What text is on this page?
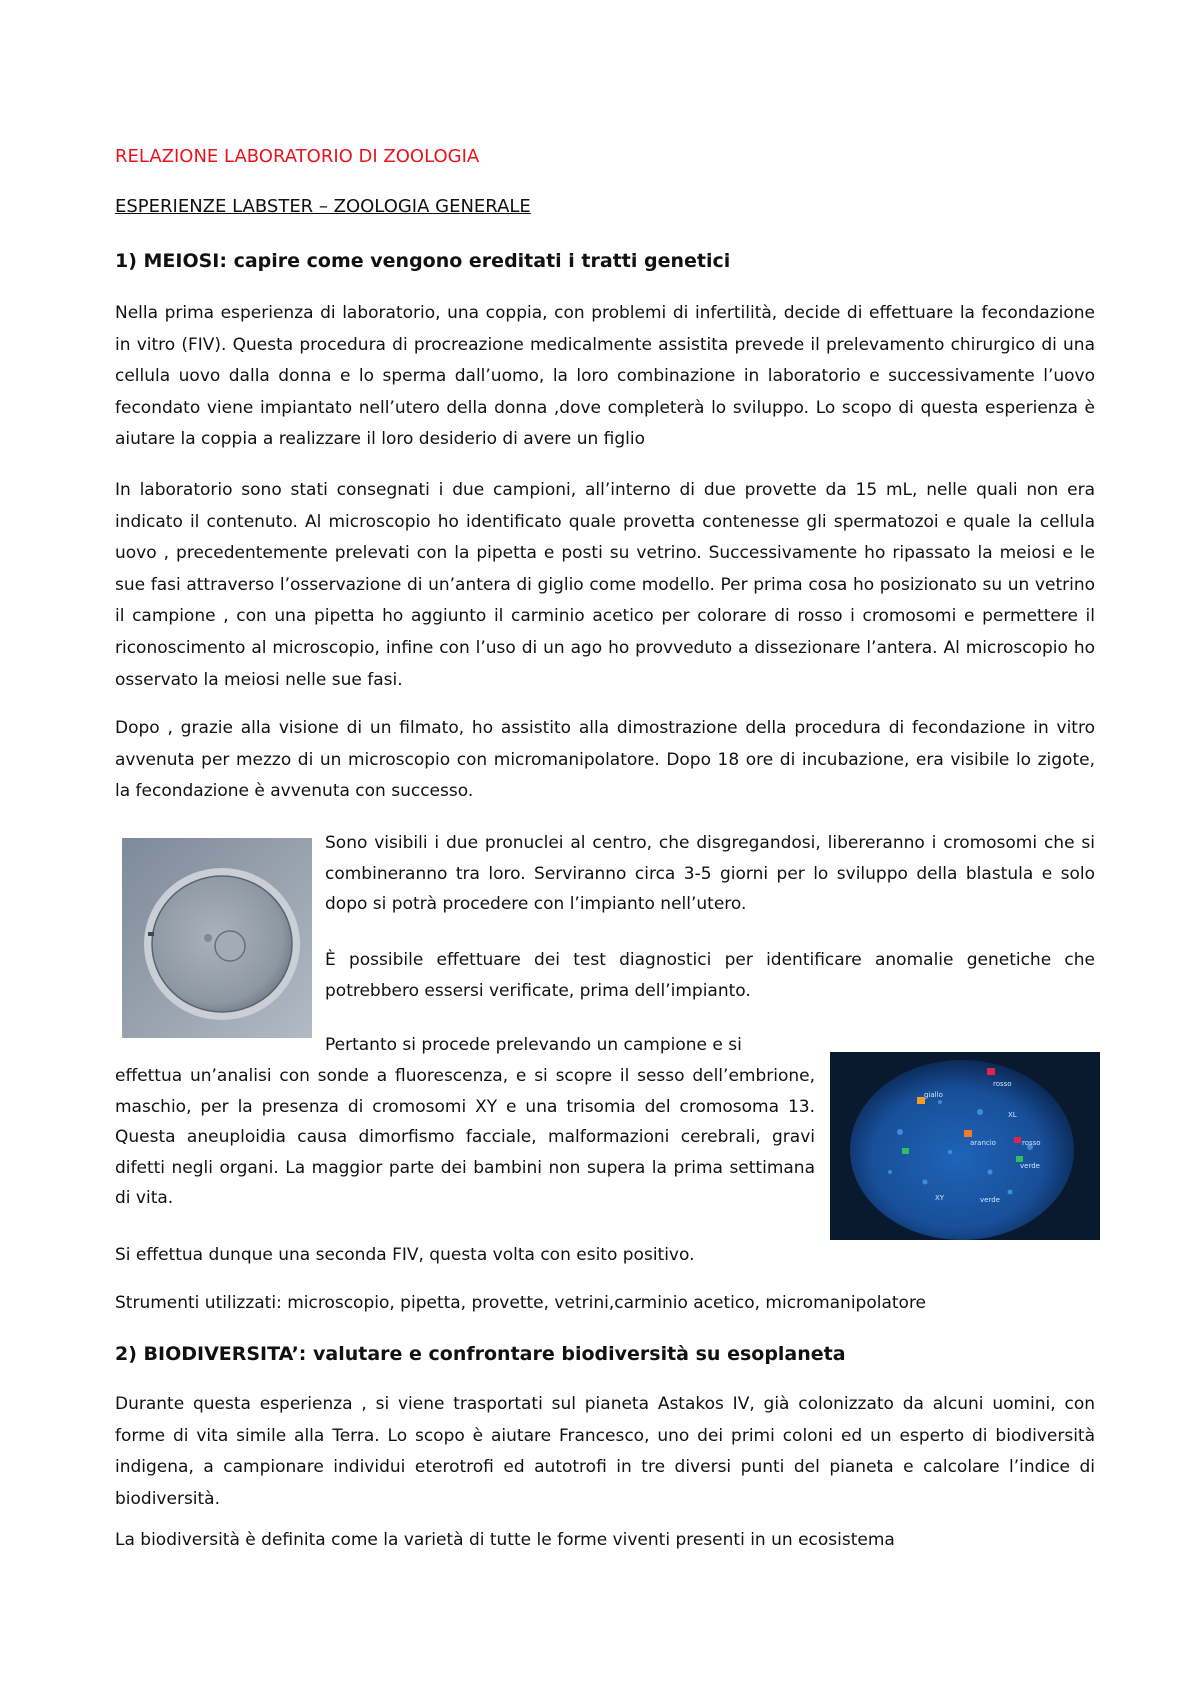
RELAZIONE LABORATORIO DI ZOOLOGIA
ESPERIENZE LABSTER – ZOOLOGIA GENERALE
1) MEIOSI: capire come vengono ereditati i tratti genetici

Nella prima esperienza di laboratorio, una coppia, con problemi di infertilità, decide di effettuare la fecondazione in vitro (FIV). Questa procedura di procreazione medicalmente assistita prevede il prelevamento chirurgico di una cellula uovo dalla donna e lo sperma dall’uomo, la loro combinazione in laboratorio e successivamente l’uovo fecondato viene impiantato nell’utero della donna ,dove completerà lo sviluppo. Lo scopo di questa esperienza è aiutare la coppia a realizzare il loro desiderio di avere un figlio

In laboratorio sono stati consegnati i due campioni, all’interno di due provette da 15 mL, nelle quali non era indicato il contenuto. Al microscopio ho identificato quale provetta contenesse gli spermatozoi e quale la cellula uovo , precedentemente prelevati con la pipetta e posti su vetrino. Successivamente ho ripassato la meiosi e le sue fasi attraverso l’osservazione di un’antera di giglio come modello. Per prima cosa ho posizionato su un vetrino il campione , con una pipetta ho aggiunto il carminio acetico per colorare di rosso i cromosomi e permettere il riconoscimento al microscopio, infine con l’uso di un ago ho provveduto a dissezionare l’antera. Al microscopio ho osservato la meiosi nelle sue fasi.

Dopo , grazie alla visione di un filmato, ho assistito alla dimostrazione della procedura di fecondazione in vitro avvenuta per mezzo di un microscopio con micromanipolatore. Dopo 18 ore di incubazione, era visibile lo zigote, la fecondazione è avvenuta con successo.

Sono visibili i due pronuclei al centro, che disgregandosi, libereranno i cromosomi che si combineranno tra loro. Serviranno circa 3-5 giorni per lo sviluppo della blastula e solo dopo si potrà procedere con l’impianto nell’utero.

È possibile effettuare dei test diagnostici per identificare anomalie genetiche che potrebbero essersi verificate, prima dell’impianto.

Pertanto si procede prelevando un campione e si

effettua un’analisi con sonde a fluorescenza, e si scopre il sesso dell’embrione, maschio, per la presenza di cromosomi XY e una trisomia del cromosoma 13. Questa aneuploidia causa dimorfismo facciale, malformazioni cerebrali, gravi difetti negli organi. La maggior parte dei bambini non supera la prima settimana di vita.

rosso
giallo
XL
arancio
verde
XY	verde
rosso

Si effettua dunque una seconda FIV, questa volta con esito positivo.

Strumenti utilizzati: microscopio, pipetta, provette, vetrini,carminio acetico, micromanipolatore

2) BIODIVERSITA’: valutare e confrontare biodiversità su esoplaneta

Durante questa esperienza , si viene trasportati sul pianeta Astakos IV, già colonizzato da alcuni uomini, con forme di vita simile alla Terra. Lo scopo è aiutare Francesco, uno dei primi coloni ed un esperto di biodiversità indigena, a campionare individui eterotrofi ed autotrofi in tre diversi punti del pianeta e calcolare l’indice di biodiversità.

La biodiversità è definita come la varietà di tutte le forme viventi presenti in un ecosistema
